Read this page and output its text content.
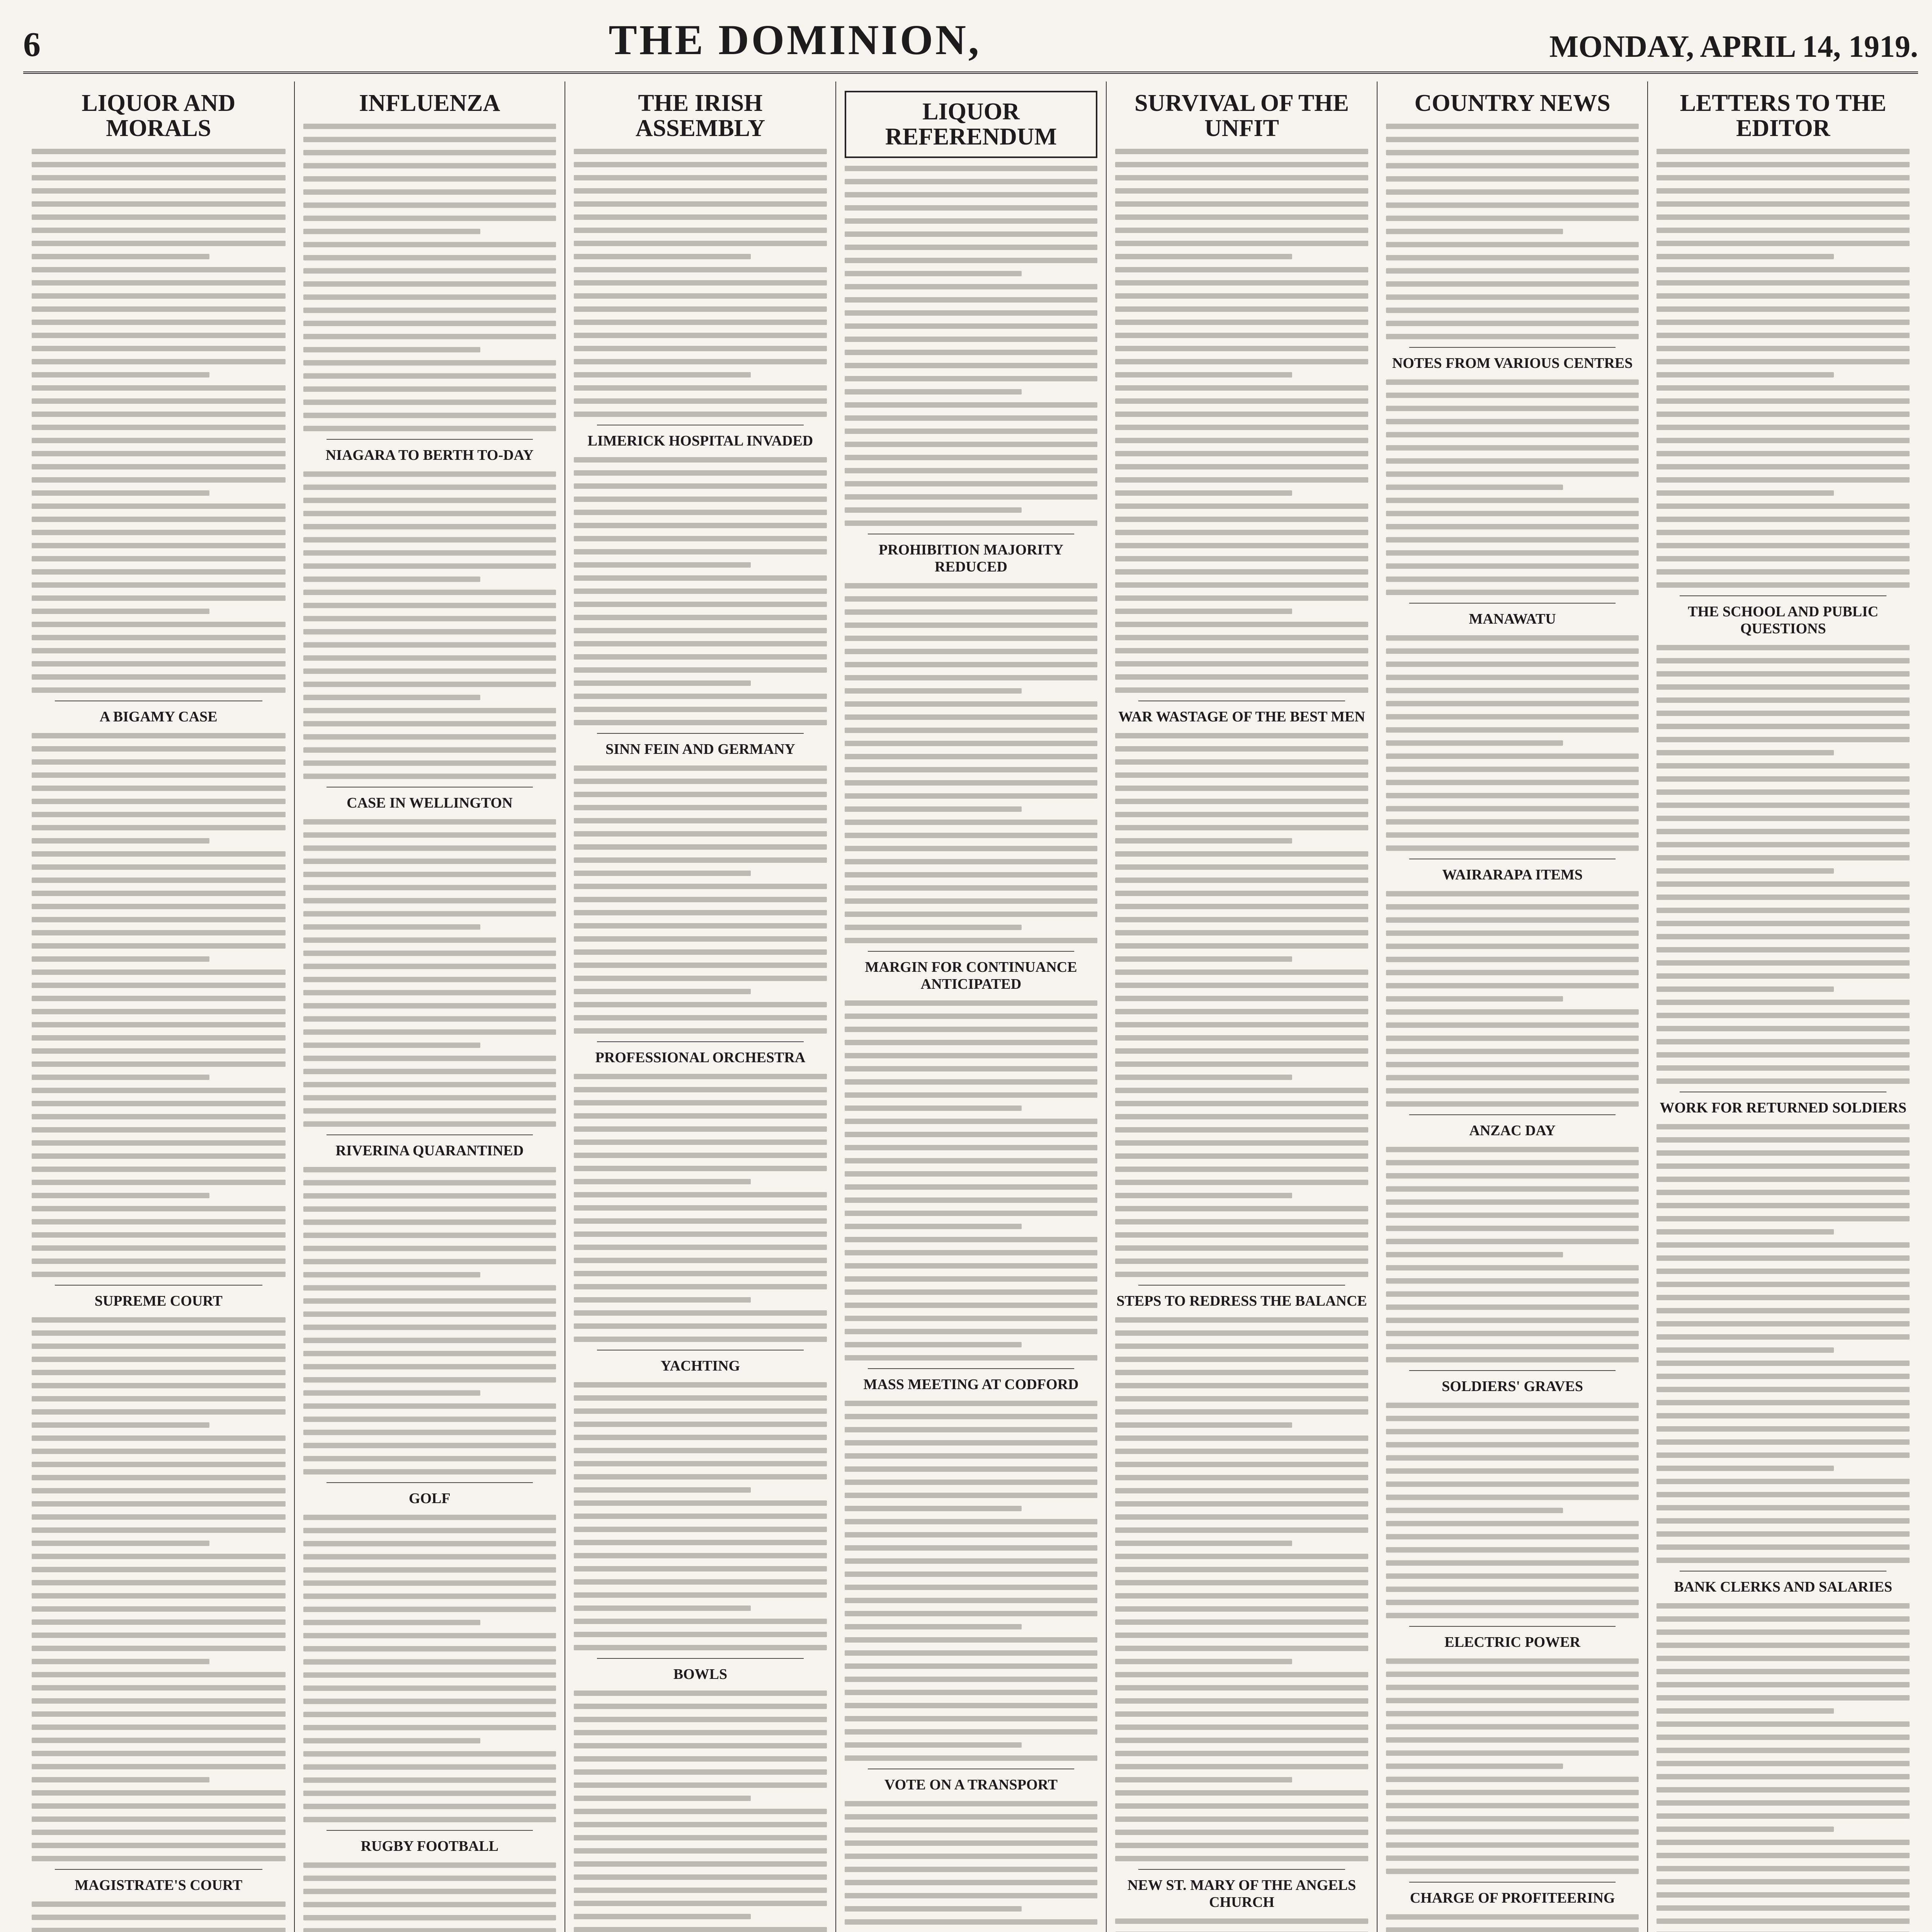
6	THE DOMINION,	MONDAY, APRIL 14, 1919.
LIQUOR AND MORALS
A BIGAMY CASE
SUPREME COURT
MAGISTRATE'S COURT
INFLUENZA
NIAGARA TO BERTH TO-DAY
CASE IN WELLINGTON
RIVERINA QUARANTINED
GOLF
RUGBY FOOTBALL
THE IRISH ASSEMBLY
LIMERICK HOSPITAL INVADED
SINN FEIN AND GERMANY
PROFESSIONAL ORCHESTRA
YACHTING
BOWLS
LIQUOR REFERENDUM
PROHIBITION MAJORITY REDUCED
MARGIN FOR CONTINUANCE ANTICIPATED
MASS MEETING AT CODFORD
VOTE ON A TRANSPORT
SURVIVAL OF THE UNFIT
WAR WASTAGE OF THE BEST MEN
STEPS TO REDRESS THE BALANCE
NEW ST. MARY OF THE ANGELS CHURCH
COUNTRY NEWS
NOTES FROM VARIOUS CENTRES
MANAWATU
WAIRARAPA ITEMS
ANZAC DAY
SOLDIERS' GRAVES
ELECTRIC POWER
CHARGE OF PROFITEERING
LETTERS TO THE EDITOR
THE SCHOOL AND PUBLIC QUESTIONS
WORK FOR RETURNED SOLDIERS
BANK CLERKS AND SALARIES
